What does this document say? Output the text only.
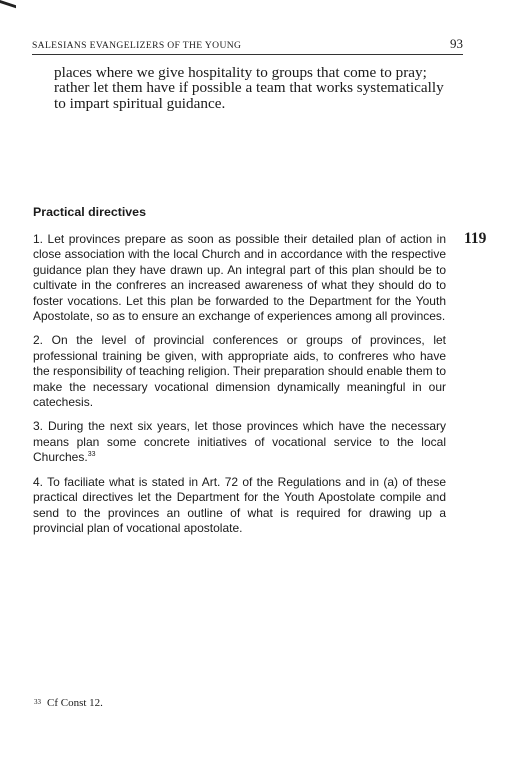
SALESIANS EVANGELIZERS OF THE YOUNG	93

places where we give hospitality to groups that come to pray; rather let them have if possible a team that works systematically to impart spiritual guidance.

Practical directives
119

1. Let provinces prepare as soon as possible their detailed plan of action in close association with the local Church and in accordance with the respective guidance plan they have drawn up. An integral part of this plan should be to cultivate in the confreres an increased awareness of what they should do to foster vocations. Let this plan be forwarded to the Department for the Youth Apostolate, so as to ensure an exchange of experiences among all provinces.

2. On the level of provincial conferences or groups of provinces, let professional training be given, with appropriate aids, to confreres who have the responsibility of teaching religion. Their preparation should enable them to make the necessary vocational dimension dynamically meaningful in our catechesis.

3. During the next six years, let those provinces which have the necessary means plan some concrete initiatives of vocational service to the local Churches.$^{33}$

4. To faciliate what is stated in Art. 72 of the Regulations and in (a) of these practical directives let the Department for the Youth Apostolate compile and send to the provinces an outline of what is required for drawing up a provincial plan of vocational apostolate.

33 Cf Const 12.
